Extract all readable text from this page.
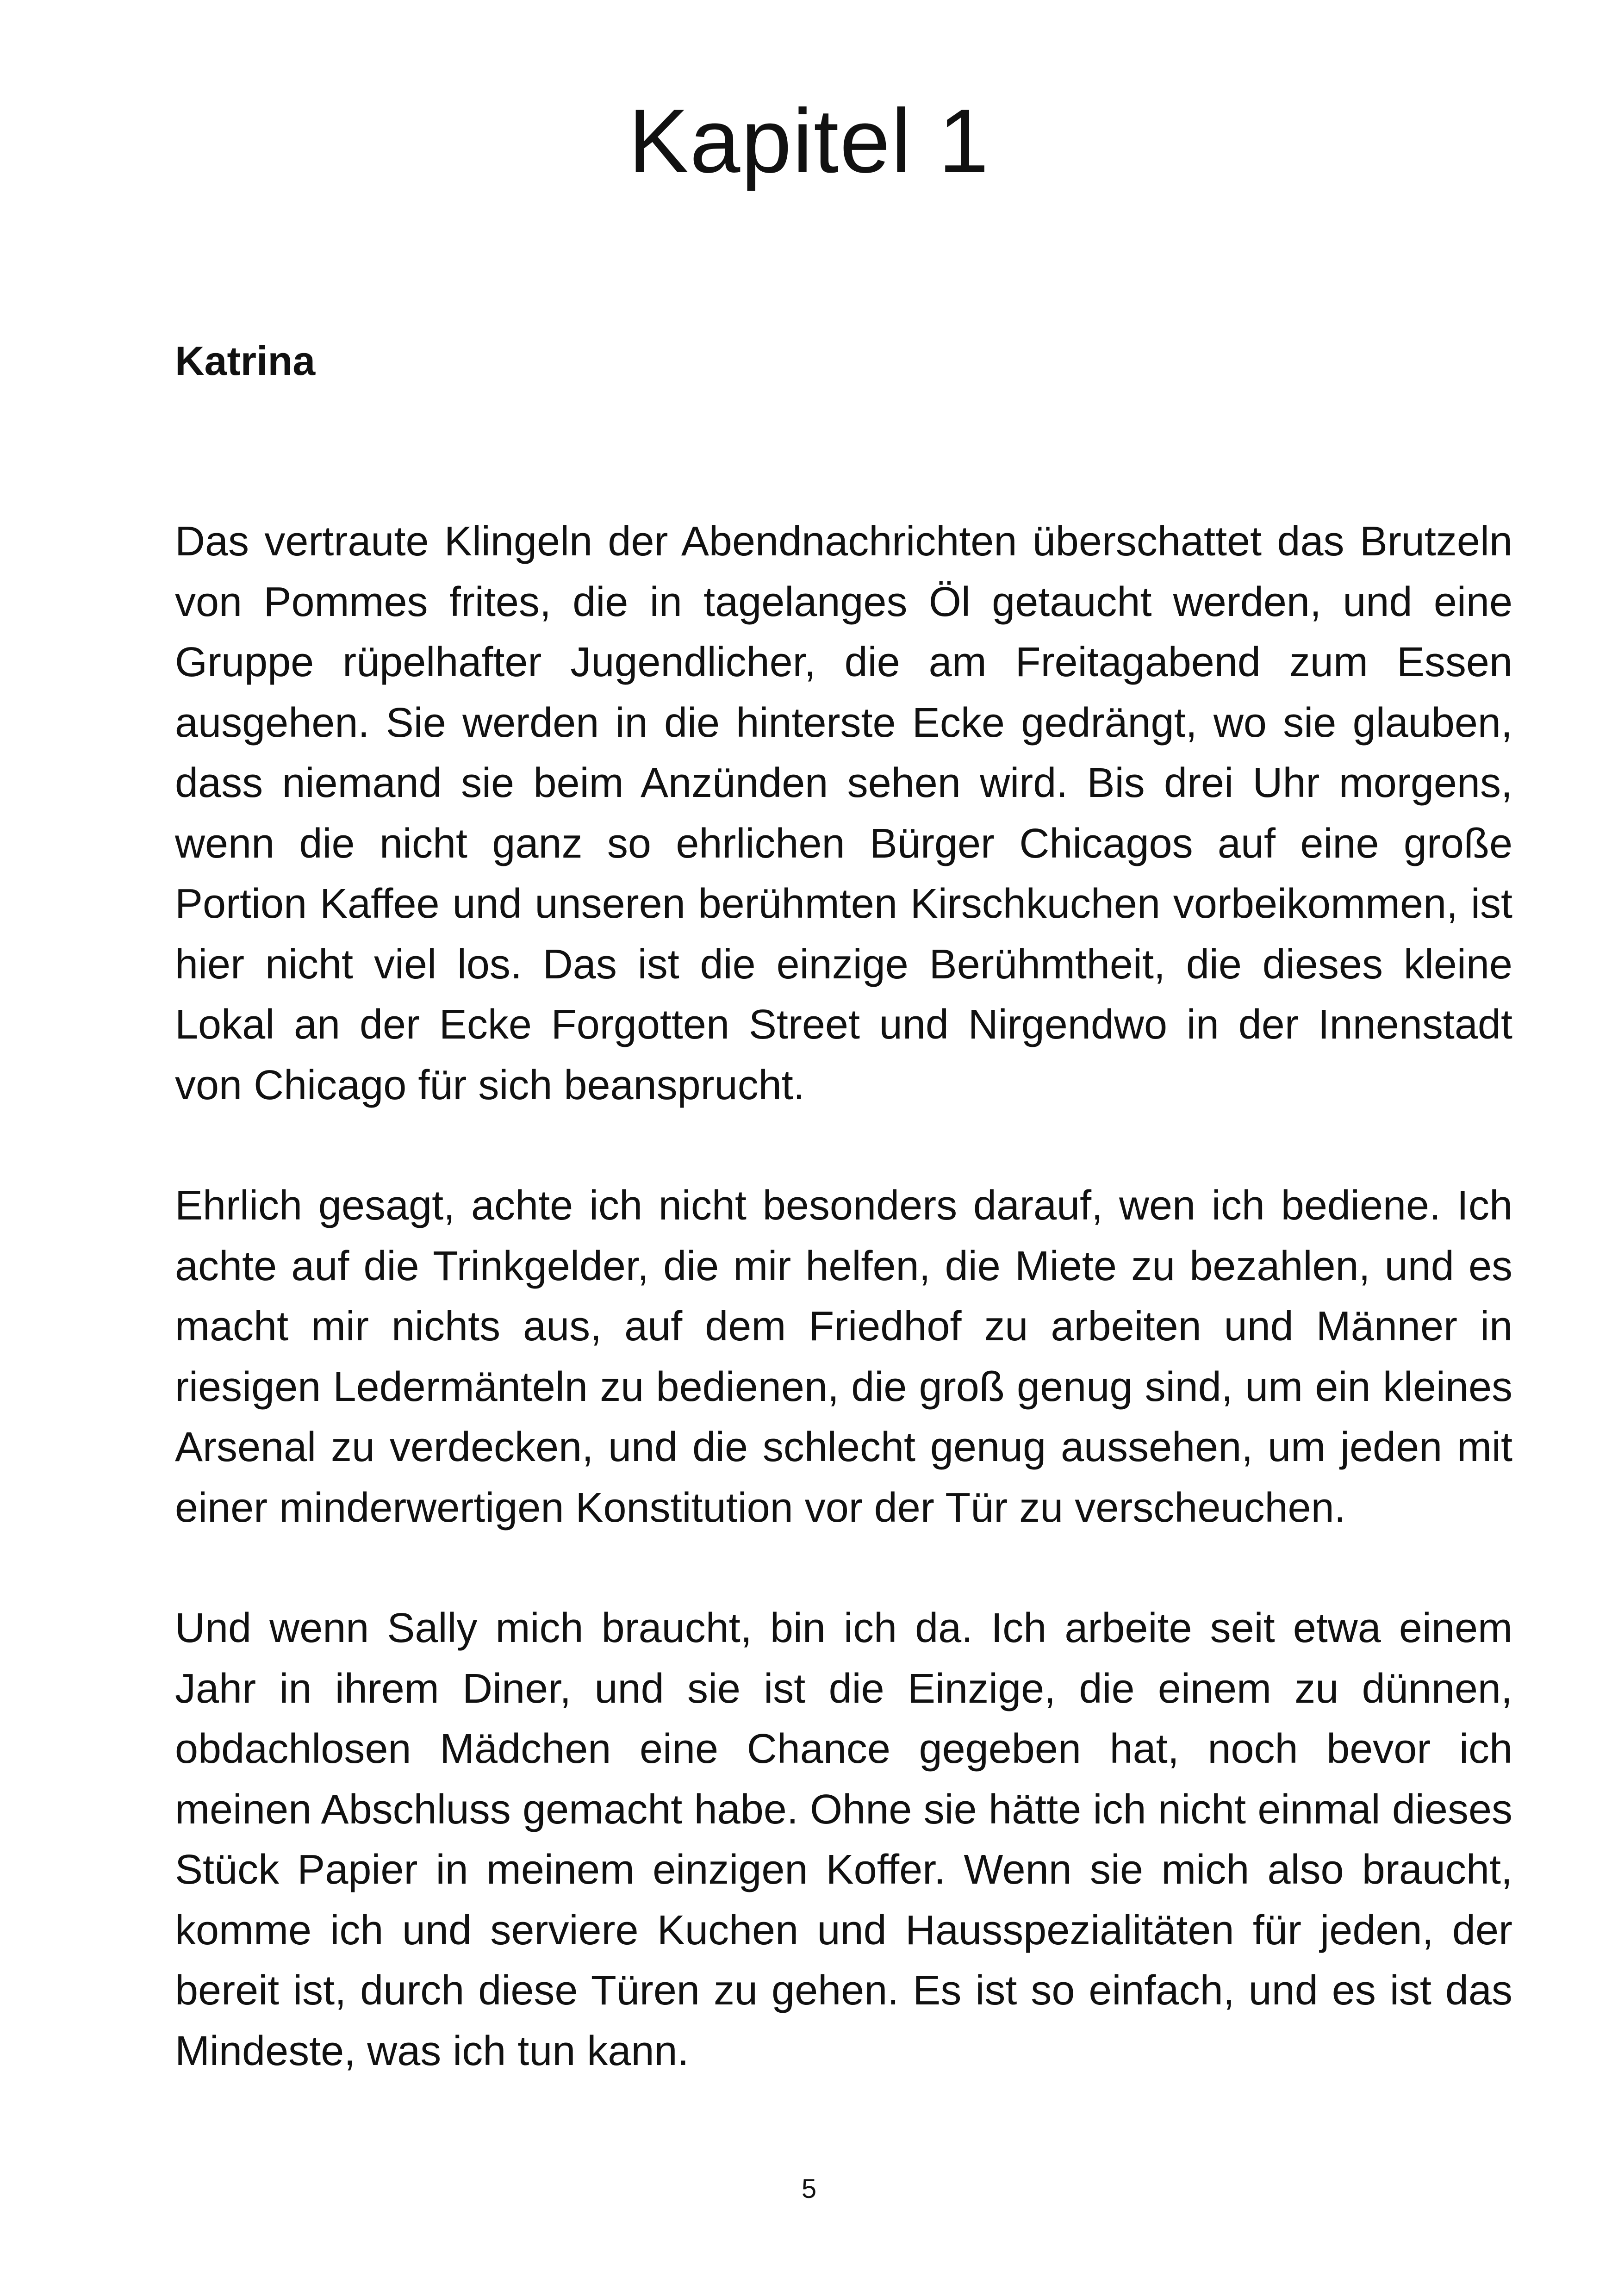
Kapitel 1
Katrina

Das vertraute Klingeln der Abendnachrichten überschattet das Brutzeln von Pommes frites, die in tagelanges Öl getaucht werden, und eine Gruppe rüpelhafter Jugendlicher, die am Freitagabend zum Essen ausgehen. Sie werden in die hinterste Ecke gedrängt, wo sie glauben, dass niemand sie beim Anzünden sehen wird. Bis drei Uhr morgens, wenn die nicht ganz so ehrlichen Bürger Chicagos auf eine große Portion Kaffee und unseren berühmten Kirschkuchen vorbeikommen, ist hier nicht viel los. Das ist die einzige Berühmtheit, die dieses kleine Lokal an der Ecke Forgotten Street und Nirgendwo in der Innenstadt von Chicago für sich beansprucht.

Ehrlich gesagt, achte ich nicht besonders darauf, wen ich bediene. Ich achte auf die Trinkgelder, die mir helfen, die Miete zu bezahlen, und es macht mir nichts aus, auf dem Friedhof zu arbeiten und Männer in riesigen Ledermänteln zu bedienen, die groß genug sind, um ein kleines Arsenal zu verdecken, und die schlecht genug aussehen, um jeden mit einer minderwertigen Konstitution vor der Tür zu verscheuchen.

Und wenn Sally mich braucht, bin ich da. Ich arbeite seit etwa einem Jahr in ihrem Diner, und sie ist die Einzige, die einem zu dünnen, obdachlosen Mädchen eine Chance gegeben hat, noch bevor ich meinen Abschluss gemacht habe. Ohne sie hätte ich nicht einmal dieses Stück Papier in meinem einzigen Koffer. Wenn sie mich also braucht, komme ich und serviere Kuchen und Hausspezialitäten für jeden, der bereit ist, durch diese Türen zu gehen. Es ist so einfach, und es ist das Mindeste, was ich tun kann.

5
